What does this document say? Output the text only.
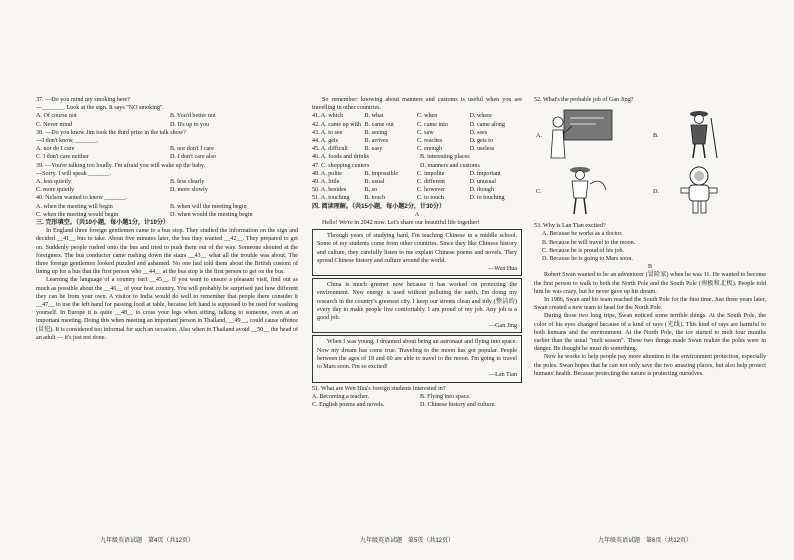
37. —Do you mind my smoking here?
—_______. Look at the sign. It says "NO smoking".
A. Of course not	B. You'd better not
C. Never mind	D. It's up to you
38. —Do you know Jim took the third prize in the talk show?
—I don't know, _______.
A. nor do I care	B. nor don't I care
C. I don't care neither	D. I don't care also
39. —You're talking too loudly. I'm afraid you will wake up the baby.
—Sorry. I will speak _______.
A. less quietly	B. less clearly
C. more quietly	D. more slowly
40. Nelson wanted to know _______.
A. when the meeting will begin	B. when will the meeting begin
C. when the meeting would begin	D. when would the meeting begin
三. 完形填空。（共10小题，每小题1分，计10分）
In England three foreign gentlemen came to a bus stop. They studied the information on the sign and decided __41__ bus to take. About five minutes later, the bus they wanted __42__. They prepared to get on. Suddenly people rushed onto the bus and tried to push them out of the way. Someone shouted at the foreigners. The bus conductor came rushing down the stairs __43__ what all the trouble was about. The three foreign gentlemen looked puzzled and ashamed. No one had told them about the British custom of lining up for a bus that the first person who __44__ at the bus stop is the first person to get on the bus.
Learning the language of a country isn't __45__. If you want to ensure a pleasant visit, find out as much as possible about the __46__ of your host country. You will probably be surprised just how different they can be from your own. A visitor to India would do well to remember that people there consider it __47__ to use the left hand for passing food at table, because left hand is supposed to be used for washing yourself. In Europe it is quite __48__ to cross your legs when sitting, talking to someone, even at an important meeting. Doing this when meeting an important person in Thailand, __49__, could cause offence (冒犯). It is considered too informal for such an occasion. Also when in Thailand avoid __50__ the head of an adult — it's just not done.
So remember: knowing about manners and customs is useful when you are travelling in other countries.
41. A. which	B. what	C. when	D. where
42. A. came up with B. came out	C. came into	D. came along
43. A. to see	B. seeing	C. saw	D. sees
44. A. gets	B. arrives	C. reaches	D. gets to
45. A. difficult	B. easy	C. enough	D. useless
46. A. foods and drinks	B. interesting places
47. C. shopping centers	D. manners and customs
48. A. polite	B. impossible	C. impolite	D. important
49. A. little	B. usual	C. different	D. unusual
50. A. besides	B. so	C. however	D. though
51. A. touching	B. touch	C. to touch	D. to touching
四. 阅读理解。（共15小题，每小题2分，计30分）
A
Hello! We're in 2042 now. Let's share our beautiful life together!
Through years of studying hard, I'm teaching Chinese in a middle school. Some of my students come from other countries. Since they like Chinese history and culture, they carefully listen to me explain Chinese poems and novels. They spread Chinese history and culture around the world.
—Wen Hua
China is much greener now because it has worked on protecting the environment. New energy is used without polluting the earth. I'm doing my research in the country's greenest city. I keep our streets clean and tidy (整洁的) every day to make people live comfortably. I am proud of my job. Any job is a good job.
—Gan Jing
When I was young, I dreamed about being an astronaut and flying into space. Now my dream has come true. Traveling to the moon has got popular. People between the ages of 18 and 60 are able to travel to the moon. I'm going to travel to Mars soon. I'm so excited!
—Lan Tian
51. What are Wen Hua's foreign students interested in?
A. Becoming a teacher.	B. Flying into space.
C. English poems and novels.	D. Chinese history and culture.
52. What's the probable job of Gan Jing?
A.	B.
C.	D.
53. Why is Lan Tian excited?
A. Because he works as a doctor.
B. Because he will travel to the moon.
C. Because he is proud of his job.
D. Because he is going to Mars soon.
B
Robert Swan wanted to be an adventurer (冒险家) when he was 11. He wanted to become the first person to walk to both the North Pole and the South Pole (南极和北极). People told him he was crazy, but he never gave up his dream.
In 1986, Swan and his team reached the South Pole for the first time. Just three years later, Swan created a new team to head for the North Pole.
During those two long trips, Swan noticed some terrible things. At the South Pole, the color of his eyes changed because of a kind of rays (光线). This kind of rays are harmful to both humans and the environment. At the North Pole, the ice started to melt four months earlier than the usual "melt season". These two things made Swan realize the poles were in danger. He thought he must do something.
Now he works to help people pay more attention to the environment protection, especially the poles. Swan hopes that he can not only save the two amazing places, but also help protect humans' health. Because protecting the nature is protecting ourselves.
九年级英语试题　第4页（共12页）	九年级英语试题　第5页（共12页）	九年级英语试题　第6页（共12页）
